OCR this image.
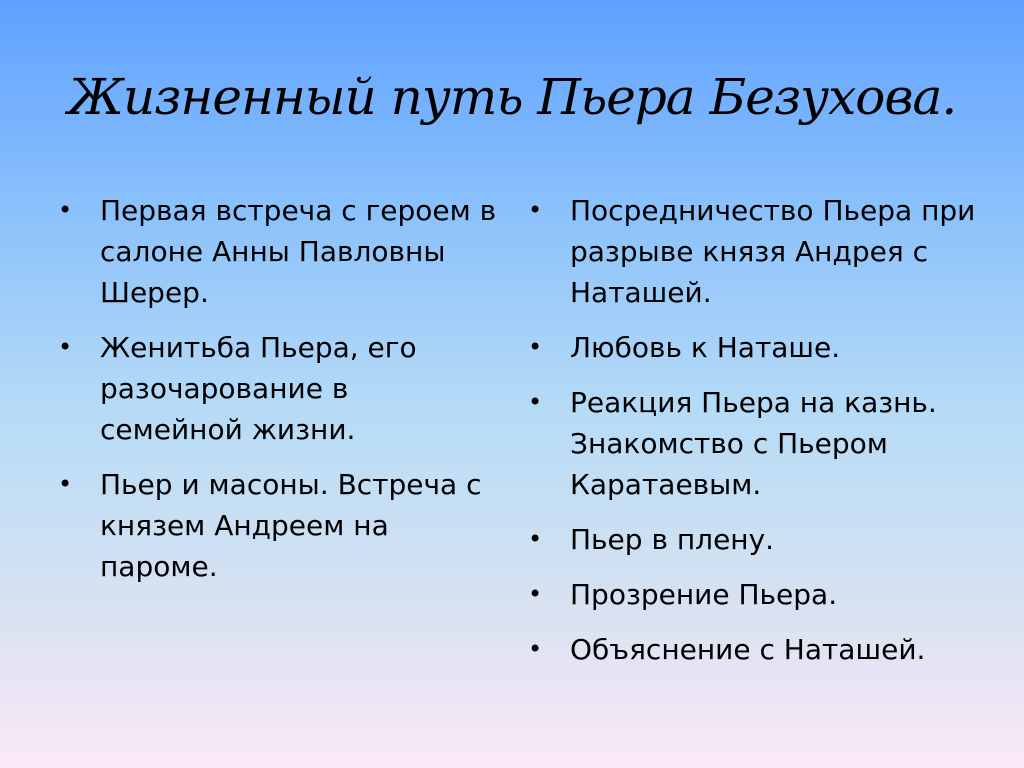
Жизненный путь Пьера Безухова.
• Первая встреча с героем в салоне Анны Павловны Шерер.
• Женитьба Пьера, его разочарование в семейной жизни.
• Пьер и масоны. Встреча с князем Андреем на пароме.
• Посредничество Пьера при разрыве князя Андрея с Наташей.
• Любовь к Наташе.
• Реакция Пьера на казнь. Знакомство с Пьером Каратаевым.
• Пьер в плену.
• Прозрение Пьера.
• Объяснение с Наташей.
